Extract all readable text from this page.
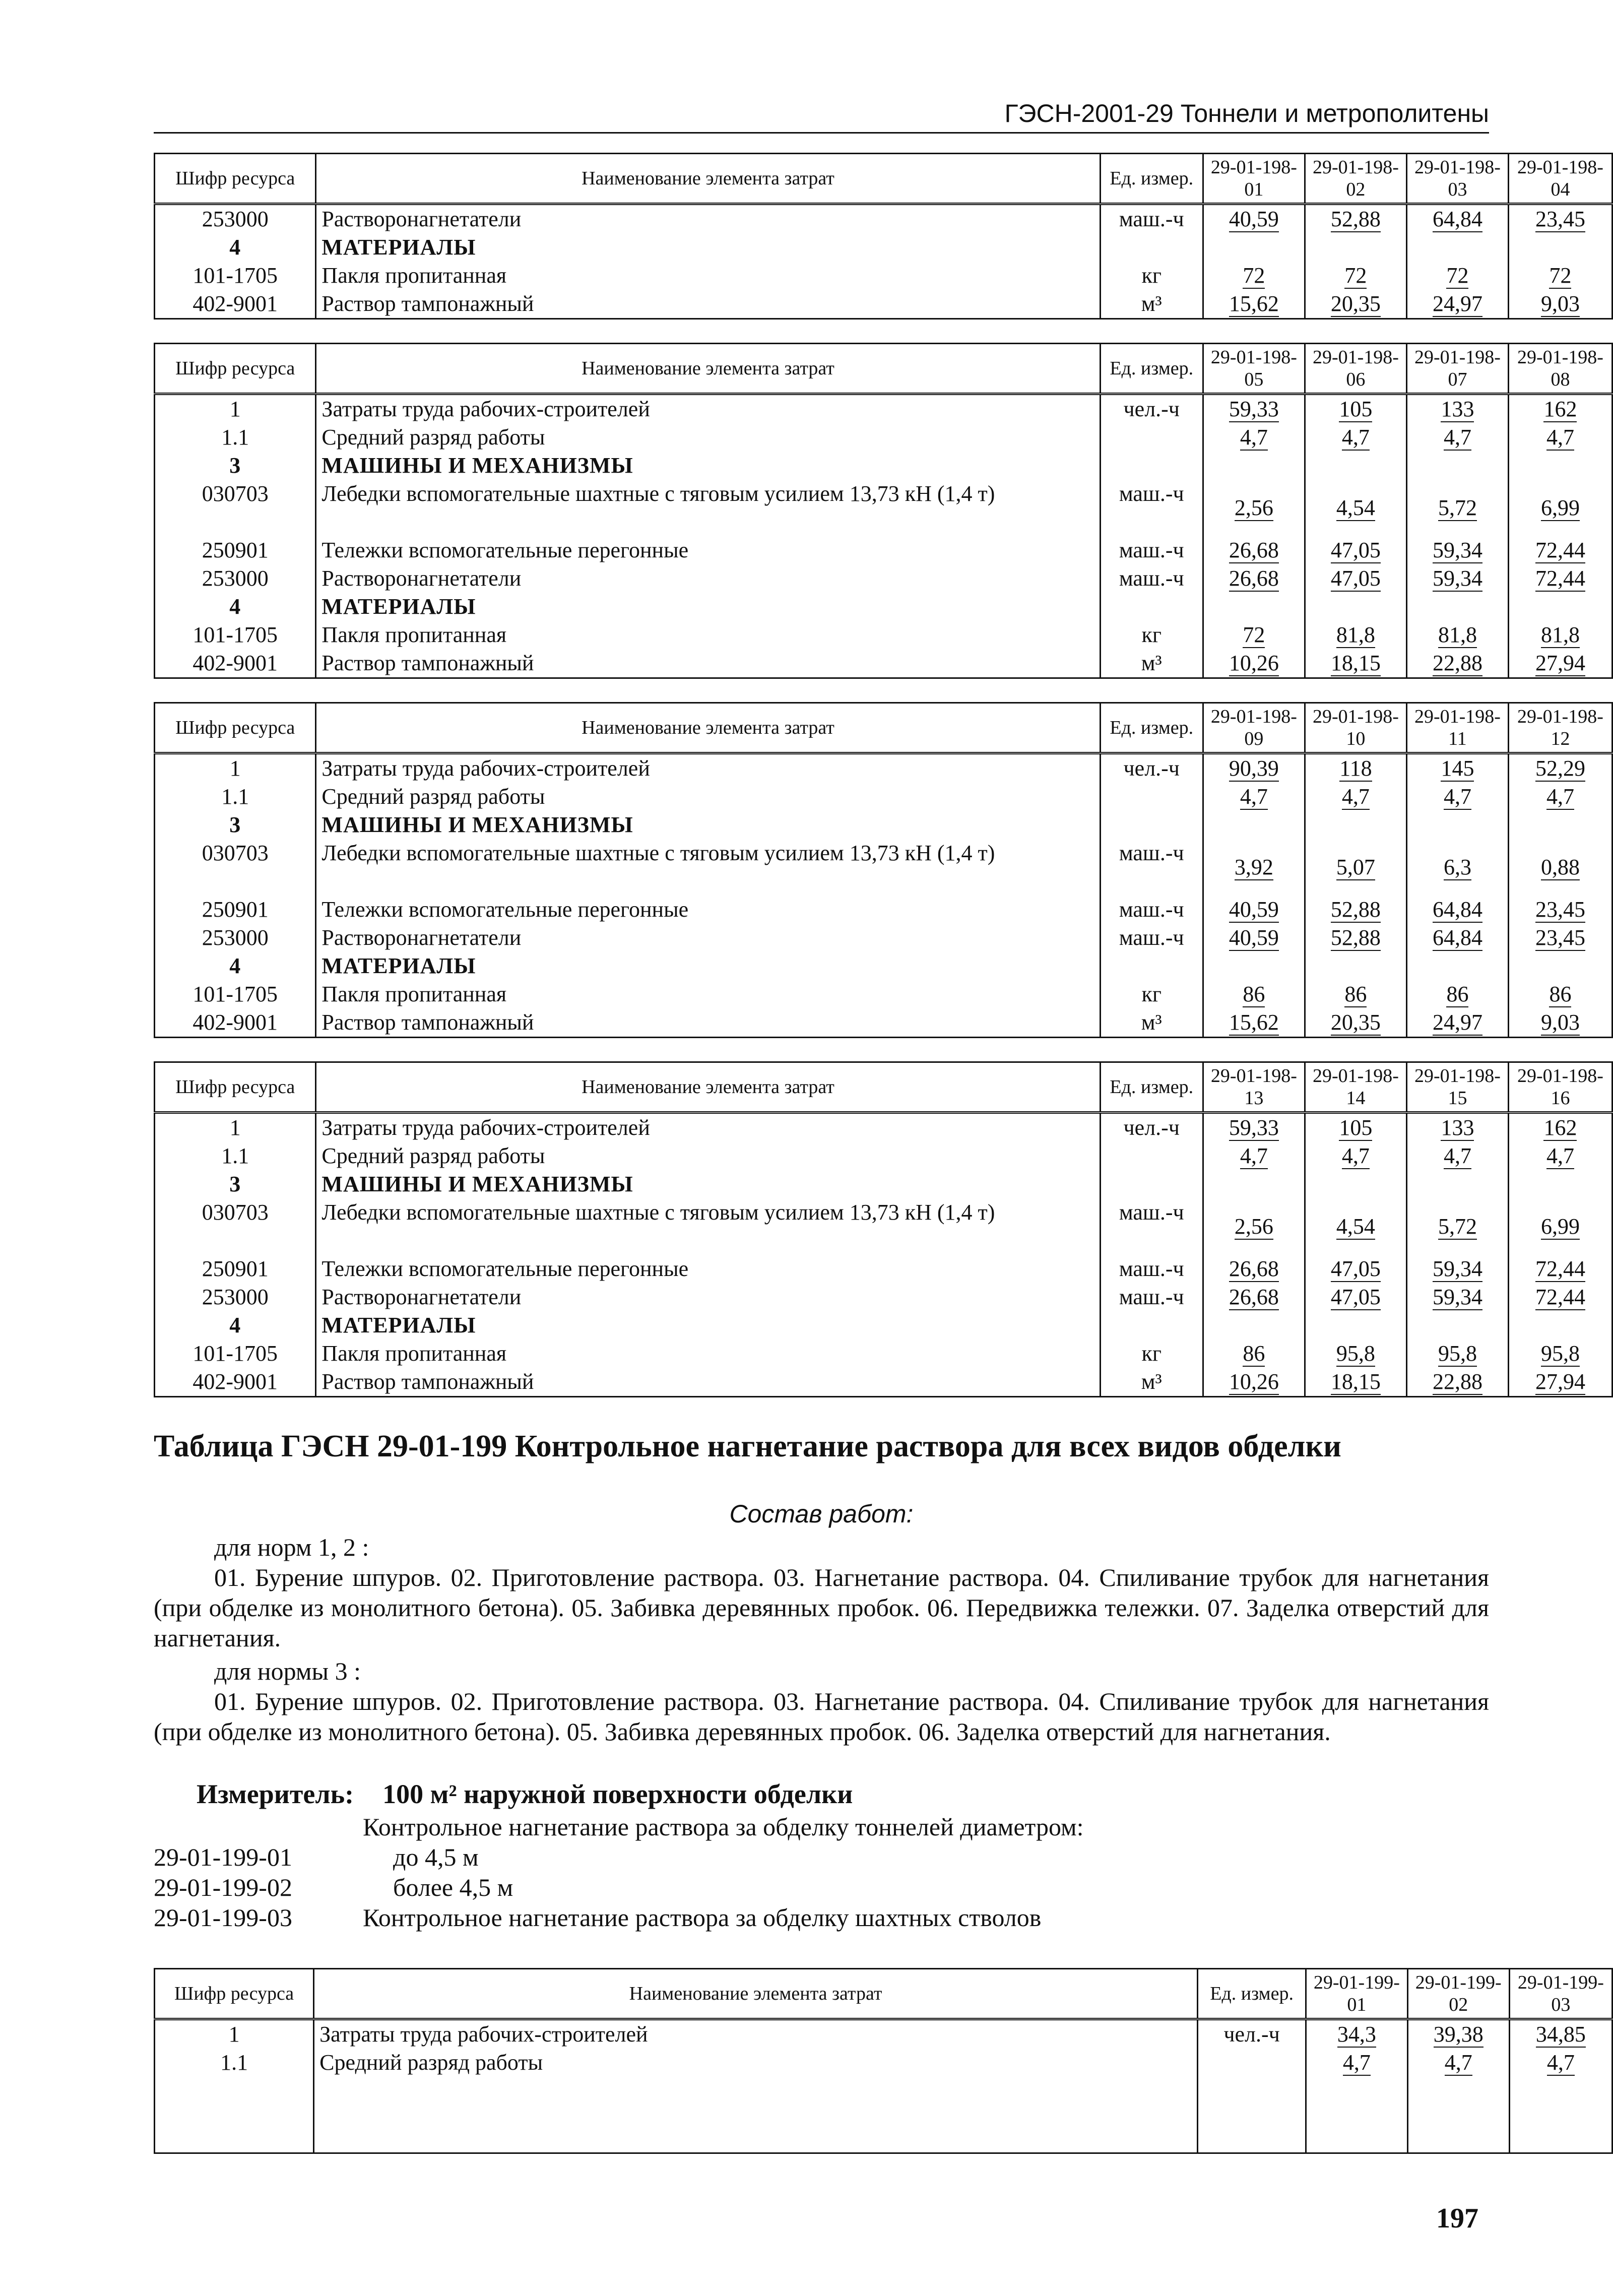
ГЭСН-2001-29 Тоннели и метрополитены
Шифр ресурса	Наименование элемента затрат	Ед. измер.	29-01-198-01	29-01-198-02	29-01-198-03	29-01-198-04
253000	Растворонагнетатели	маш.-ч	40,59	52,88	64,84	23,45
4	МАТЕРИАЛЫ					
101-1705	Пакля пропитанная	кг	72	72	72	72
402-9001	Раствор тампонажный	м³	15,62	20,35	24,97	9,03
Шифр ресурса	Наименование элемента затрат	Ед. измер.	29-01-198-05	29-01-198-06	29-01-198-07	29-01-198-08
1	Затраты труда рабочих-строителей	чел.-ч	59,33	105	133	162
1.1	Средний разряд работы		4,7	4,7	4,7	4,7
3	МАШИНЫ И МЕХАНИЗМЫ					
030703	Лебедки вспомогательные шахтные с тяговым усилием 13,73 кН (1,4 т)	маш.-ч	2,56	4,54	5,72	6,99
250901	Тележки вспомогательные перегонные	маш.-ч	26,68	47,05	59,34	72,44
253000	Растворонагнетатели	маш.-ч	26,68	47,05	59,34	72,44
4	МАТЕРИАЛЫ					
101-1705	Пакля пропитанная	кг	72	81,8	81,8	81,8
402-9001	Раствор тампонажный	м³	10,26	18,15	22,88	27,94
Шифр ресурса	Наименование элемента затрат	Ед. измер.	29-01-198-09	29-01-198-10	29-01-198-11	29-01-198-12
1	Затраты труда рабочих-строителей	чел.-ч	90,39	118	145	52,29
1.1	Средний разряд работы		4,7	4,7	4,7	4,7
3	МАШИНЫ И МЕХАНИЗМЫ					
030703	Лебедки вспомогательные шахтные с тяговым усилием 13,73 кН (1,4 т)	маш.-ч	3,92	5,07	6,3	0,88
250901	Тележки вспомогательные перегонные	маш.-ч	40,59	52,88	64,84	23,45
253000	Растворонагнетатели	маш.-ч	40,59	52,88	64,84	23,45
4	МАТЕРИАЛЫ					
101-1705	Пакля пропитанная	кг	86	86	86	86
402-9001	Раствор тампонажный	м³	15,62	20,35	24,97	9,03
Шифр ресурса	Наименование элемента затрат	Ед. измер.	29-01-198-13	29-01-198-14	29-01-198-15	29-01-198-16
1	Затраты труда рабочих-строителей	чел.-ч	59,33	105	133	162
1.1	Средний разряд работы		4,7	4,7	4,7	4,7
3	МАШИНЫ И МЕХАНИЗМЫ					
030703	Лебедки вспомогательные шахтные с тяговым усилием 13,73 кН (1,4 т)	маш.-ч	2,56	4,54	5,72	6,99
250901	Тележки вспомогательные перегонные	маш.-ч	26,68	47,05	59,34	72,44
253000	Растворонагнетатели	маш.-ч	26,68	47,05	59,34	72,44
4	МАТЕРИАЛЫ					
101-1705	Пакля пропитанная	кг	86	95,8	95,8	95,8
402-9001	Раствор тампонажный	м³	10,26	18,15	22,88	27,94
Таблица ГЭСН 29-01-199 Контрольное нагнетание раствора для всех видов обделки
Состав работ:
для норм 1, 2 :
01. Бурение шпуров. 02. Приготовление раствора. 03. Нагнетание раствора. 04. Спиливание трубок для нагнетания (при обделке из монолитного бетона). 05. Забивка деревянных пробок. 06. Передвижка тележки. 07. Заделка отверстий для нагнетания.
для нормы 3 :
01. Бурение шпуров. 02. Приготовление раствора. 03. Нагнетание раствора. 04. Спиливание трубок для нагнетания (при обделке из монолитного бетона). 05. Забивка деревянных пробок. 06. Заделка отверстий для нагнетания.
Измеритель: 100 м² наружной поверхности обделки
Контрольное нагнетание раствора за обделку тоннелей диаметром:
29-01-199-01	до 4,5 м
29-01-199-02	более 4,5 м
29-01-199-03	Контрольное нагнетание раствора за обделку шахтных стволов
Шифр ресурса	Наименование элемента затрат	Ед. измер.	29-01-199-01	29-01-199-02	29-01-199-03
1	Затраты труда рабочих-строителей	чел.-ч	34,3	39,38	34,85
1.1	Средний разряд работы		4,7	4,7	4,7

197
